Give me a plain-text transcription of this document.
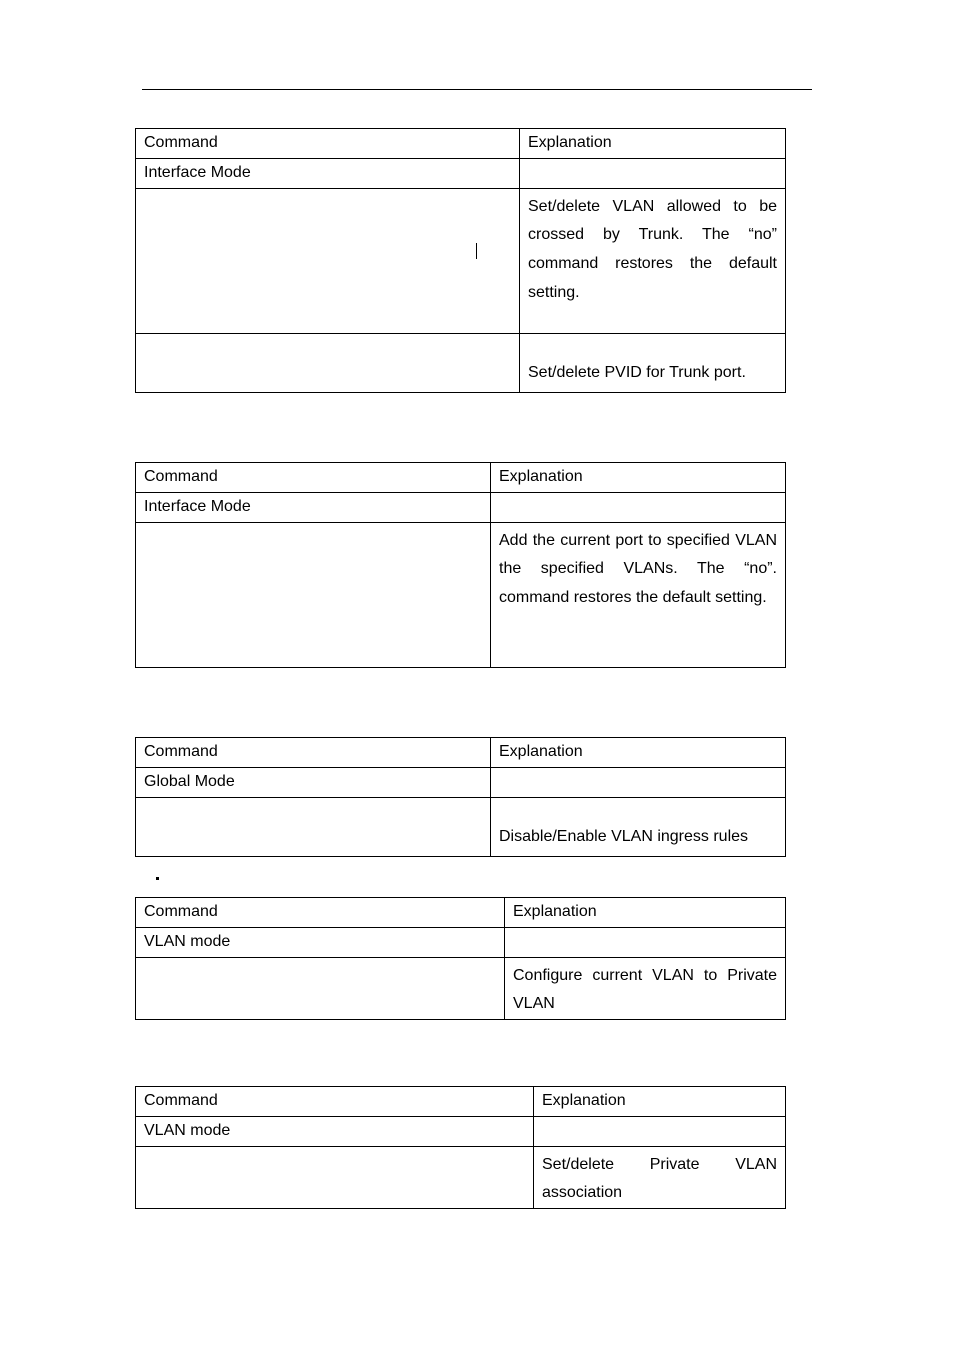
Command	Explanation
Interface Mode	
	Set/delete VLAN allowed to be crossed by Trunk. The “no” command restores the default setting.
	Set/delete PVID for Trunk port.
Command	Explanation
Interface Mode	
	Add the current port to specified VLAN the specified VLANs. The “no”. command restores the default setting.
Command	Explanation
Global Mode	
	Disable/Enable VLAN ingress rules
Command	Explanation
VLAN mode	
	Configure current VLAN to Private VLAN
Command	Explanation
VLAN mode	
	Set/delete Private VLAN association
